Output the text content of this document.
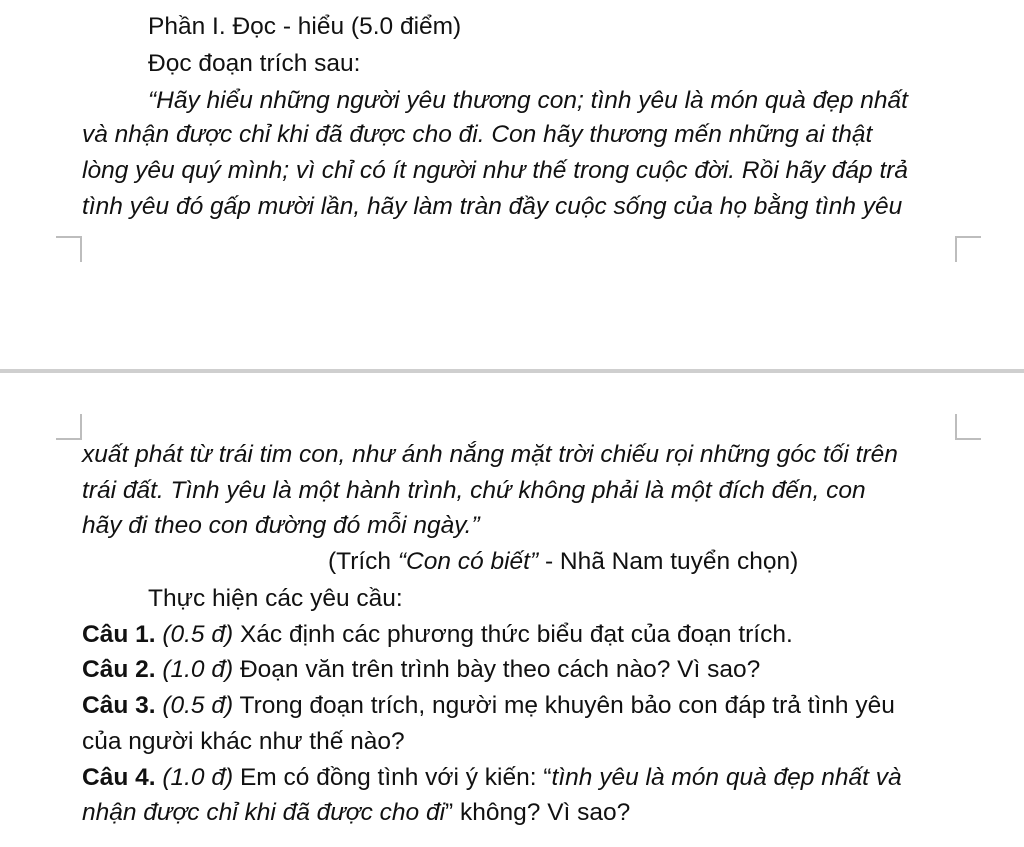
Phần I. Đọc - hiểu (5.0 điểm)
Đọc đoạn trích sau:
“Hãy hiểu những người yêu thương con; tình yêu là món quà đẹp nhất
và nhận được chỉ khi đã được cho đi. Con hãy thương mến những ai thật
lòng yêu quý mình; vì chỉ có ít người như thế trong cuộc đời. Rồi hãy đáp trả
tình yêu đó gấp mười lần, hãy làm tràn đầy cuộc sống của họ bằng tình yêu
xuất phát từ trái tim con, như ánh nắng mặt trời chiếu rọi những góc tối trên
trái đất. Tình yêu là một hành trình, chứ không phải là một đích đến, con
hãy đi theo con đường đó mỗi ngày.”
(Trích “Con có biết” - Nhã Nam tuyển chọn)
Thực hiện các yêu cầu:
Câu 1. (0.5 đ) Xác định các phương thức biểu đạt của đoạn trích.
Câu 2. (1.0 đ) Đoạn văn trên trình bày theo cách nào? Vì sao?
Câu 3. (0.5 đ) Trong đoạn trích, người mẹ khuyên bảo con đáp trả tình yêu
của người khác như thế nào?
Câu 4. (1.0 đ) Em có đồng tình với ý kiến: “tình yêu là món quà đẹp nhất và
nhận được chỉ khi đã được cho đi” không? Vì sao?
